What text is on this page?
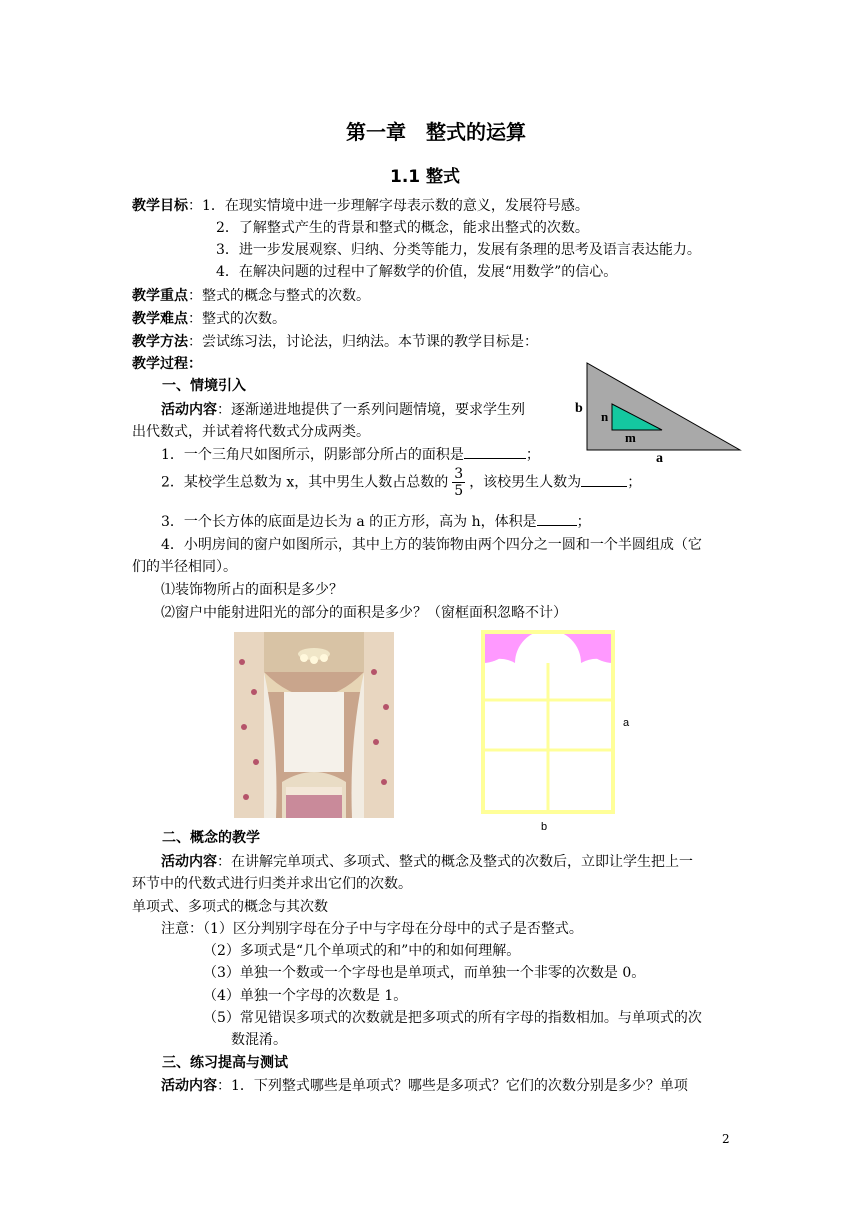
第一章　整式的运算
1.1 整式
教学目标：1．在现实情境中进一步理解字母表示数的意义，发展符号感。
2．了解整式产生的背景和整式的概念，能求出整式的次数。
3．进一步发展观察、归纳、分类等能力，发展有条理的思考及语言表达能力。
4．在解决问题的过程中了解数学的价值，发展“用数学”的信心。
教学重点：整式的概念与整式的次数。
教学难点：整式的次数。
教学方法：尝试练习法，讨论法，归纳法。本节课的教学目标是：
教学过程：
一、情境引入
活动内容：逐渐递进地提供了一系列问题情境，要求学生列
出代数式，并试着将代数式分成两类。
b
n
m
a
1．一个三角尺如图所示，阴影部分所占的面积是	；
2．某校学生总数为 x，其中男生人数占总数的 $\frac{3}{5}$ ，该校男生人数为	；
3．一个长方体的底面是边长为 a 的正方形，高为 h，体积是	；
4．小明房间的窗户如图所示，其中上方的装饰物由两个四分之一圆和一个半圆组成（它
们的半径相同）。
⑴装饰物所占的面积是多少？
⑵窗户中能射进阳光的部分的面积是多少？（窗框面积忽略不计）
a
b
二、概念的教学
活动内容：在讲解完单项式、多项式、整式的概念及整式的次数后，立即让学生把上一
环节中的代数式进行归类并求出它们的次数。
单项式、多项式的概念与其次数
注意：（1）区分判别字母在分子中与字母在分母中的式子是否整式。
（2）多项式是“几个单项式的和”中的和如何理解。
（3）单独一个数或一个字母也是单项式，而单独一个非零的次数是 0。
（4）单独一个字母的次数是 1。
（5）常见错误多项式的次数就是把多项式的所有字母的指数相加。与单项式的次
数混淆。
三、练习提高与测试
活动内容：1．下列整式哪些是单项式？哪些是多项式？它们的次数分别是多少？单项
2
